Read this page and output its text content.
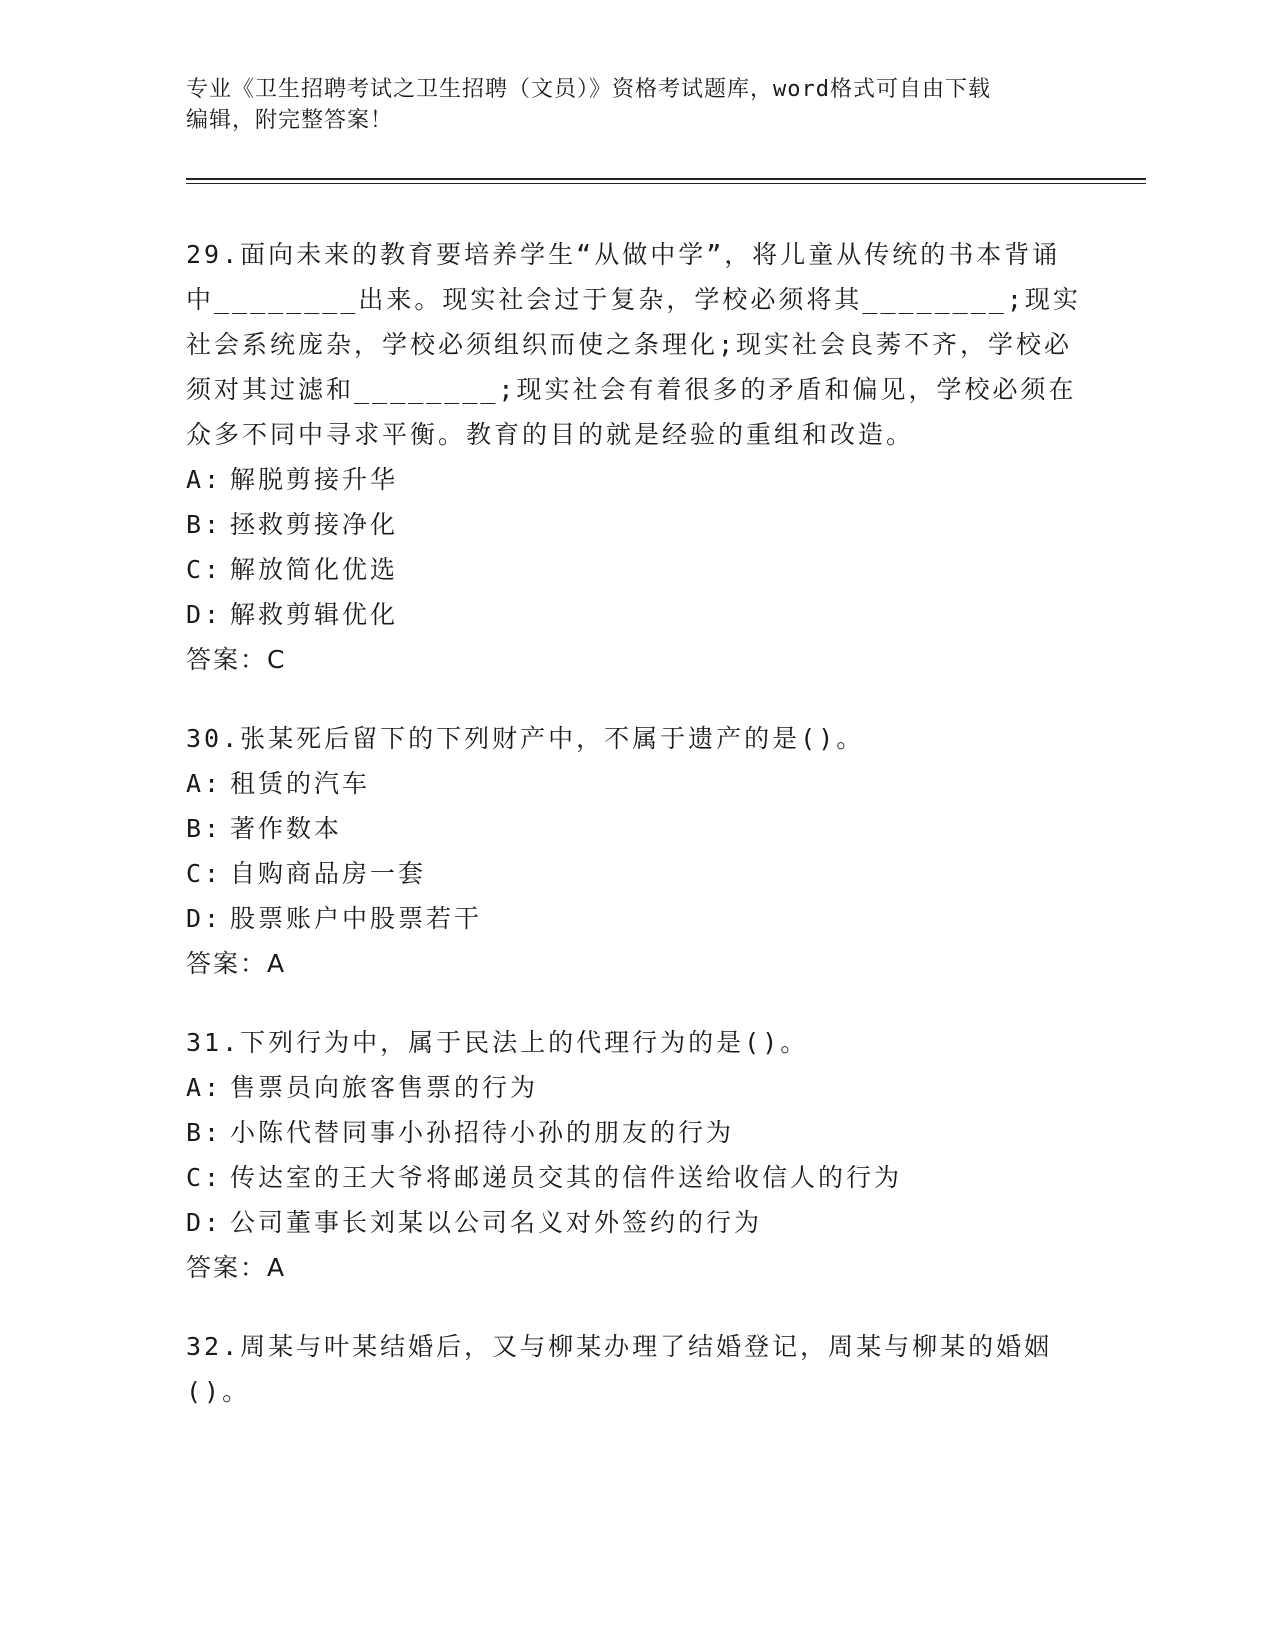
专业《卫生招聘考试之卫生招聘（文员）》资格考试题库，word格式可自由下载
编辑，附完整答案！
29.面向未来的教育要培养学生“从做中学”，将儿童从传统的书本背诵中________出来。现实社会过于复杂，学校必须将其________;现实社会系统庞杂，学校必须组织而使之条理化;现实社会良莠不齐，学校必须对其过滤和________;现实社会有着很多的矛盾和偏见，学校必须在众多不同中寻求平衡。教育的目的就是经验的重组和改造。
A: 解脱剪接升华
B: 拯救剪接净化
C: 解放简化优选
D: 解救剪辑优化
答案：C
30.张某死后留下的下列财产中，不属于遗产的是()。
A: 租赁的汽车
B: 著作数本
C: 自购商品房一套
D: 股票账户中股票若干
答案：A
31.下列行为中，属于民法上的代理行为的是()。
A: 售票员向旅客售票的行为
B: 小陈代替同事小孙招待小孙的朋友的行为
C: 传达室的王大爷将邮递员交其的信件送给收信人的行为
D: 公司董事长刘某以公司名义对外签约的行为
答案：A
32.周某与叶某结婚后，又与柳某办理了结婚登记，周某与柳某的婚姻()。
